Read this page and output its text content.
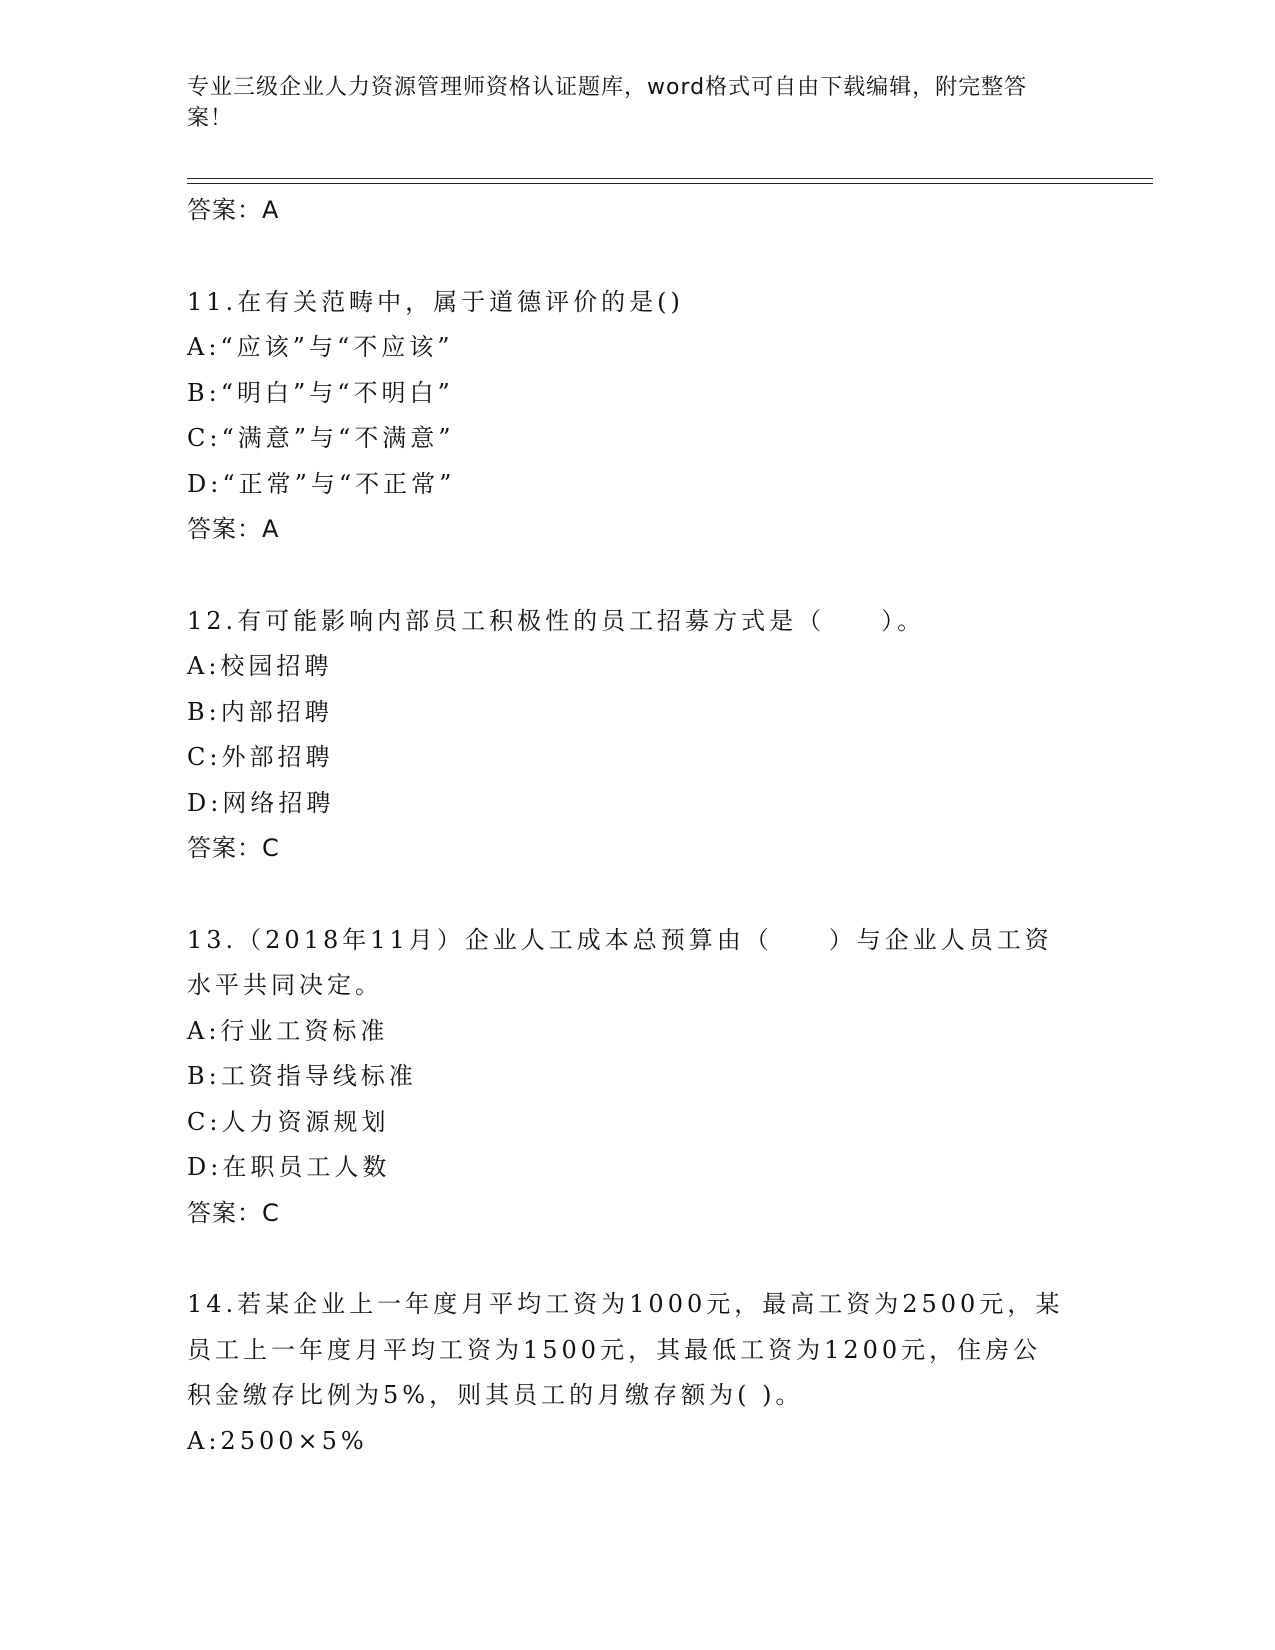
专业三级企业人力资源管理师资格认证题库，word格式可自由下载编辑，附完整答案！
答案：A
11.在有关范畴中，属于道德评价的是()
A:“应该”与“不应该”
B:“明白”与“不明白”
C:“满意”与“不满意”
D:“正常”与“不正常”
答案：A
12.有可能影响内部员工积极性的员工招募方式是（　　）。
A:校园招聘
B:内部招聘
C:外部招聘
D:网络招聘
答案：C
13.（2018年11月）企业人工成本总预算由（　　）与企业人员工资
水平共同决定。
A:行业工资标准
B:工资指导线标准
C:人力资源规划
D:在职员工人数
答案：C
14.若某企业上一年度月平均工资为1000元，最高工资为2500元，某
员工上一年度月平均工资为1500元，其最低工资为1200元，住房公
积金缴存比例为5%，则其员工的月缴存额为( )。
A:2500×5%
